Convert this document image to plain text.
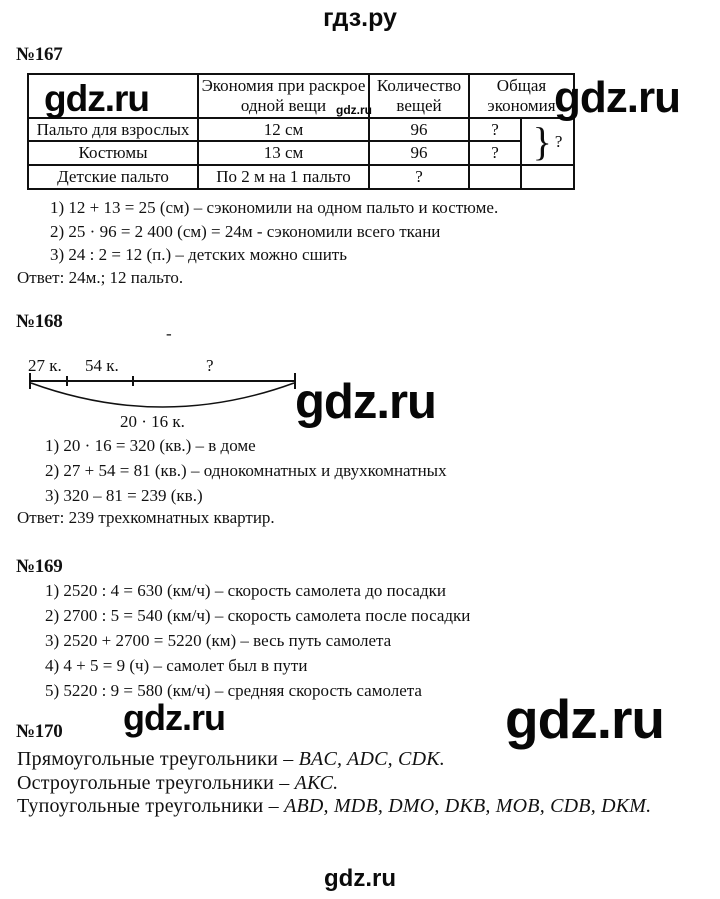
гдз.ру
№167
	Экономия при раскрое одной вещи	Количество вещей	Общая экономия	
Пальто для взрослых	12 см	96	?	} ?
Костюмы	13 см	96	?	
Детские пальто	По 2 м на 1 пальто	?		
1) 12 + 13 = 25 (см) – сэкономили на одном пальто и костюме.
2) 25 · 96 = 2 400 (см) = 24м - сэкономили всего ткани
3) 24 : 2 = 12 (п.) – детских можно сшить
Ответ: 24м.; 12 пальто.
№168
-
27 к. 54 к.	?
20 · 16 к.
1) 20 · 16 = 320 (кв.) – в доме
2) 27 + 54 = 81 (кв.) – однокомнатных и двухкомнатных
3) 320 – 81 = 239 (кв.)
Ответ: 239 трехкомнатных квартир.
№169
1) 2520 : 4 = 630 (км/ч) – скорость самолета до посадки
2) 2700 : 5 = 540 (км/ч) – скорость самолета после посадки
3) 2520 + 2700 = 5220 (км) – весь путь самолета
4) 4 + 5 = 9 (ч) – самолет был в пути
5) 5220 : 9 = 580 (км/ч) – средняя скорость самолета
№170
Прямоугольные треугольники – BAC, ADC, CDK.
Остроугольные треугольники – АКС.
Тупоугольные треугольники – ABD, MDB, DMO, DKB, MOB, CDB, DKM.
gdz.ru	gdz.ru
gdz.ru
gdz.ru
gdz.ru	gdz.ru
gdz.ru
